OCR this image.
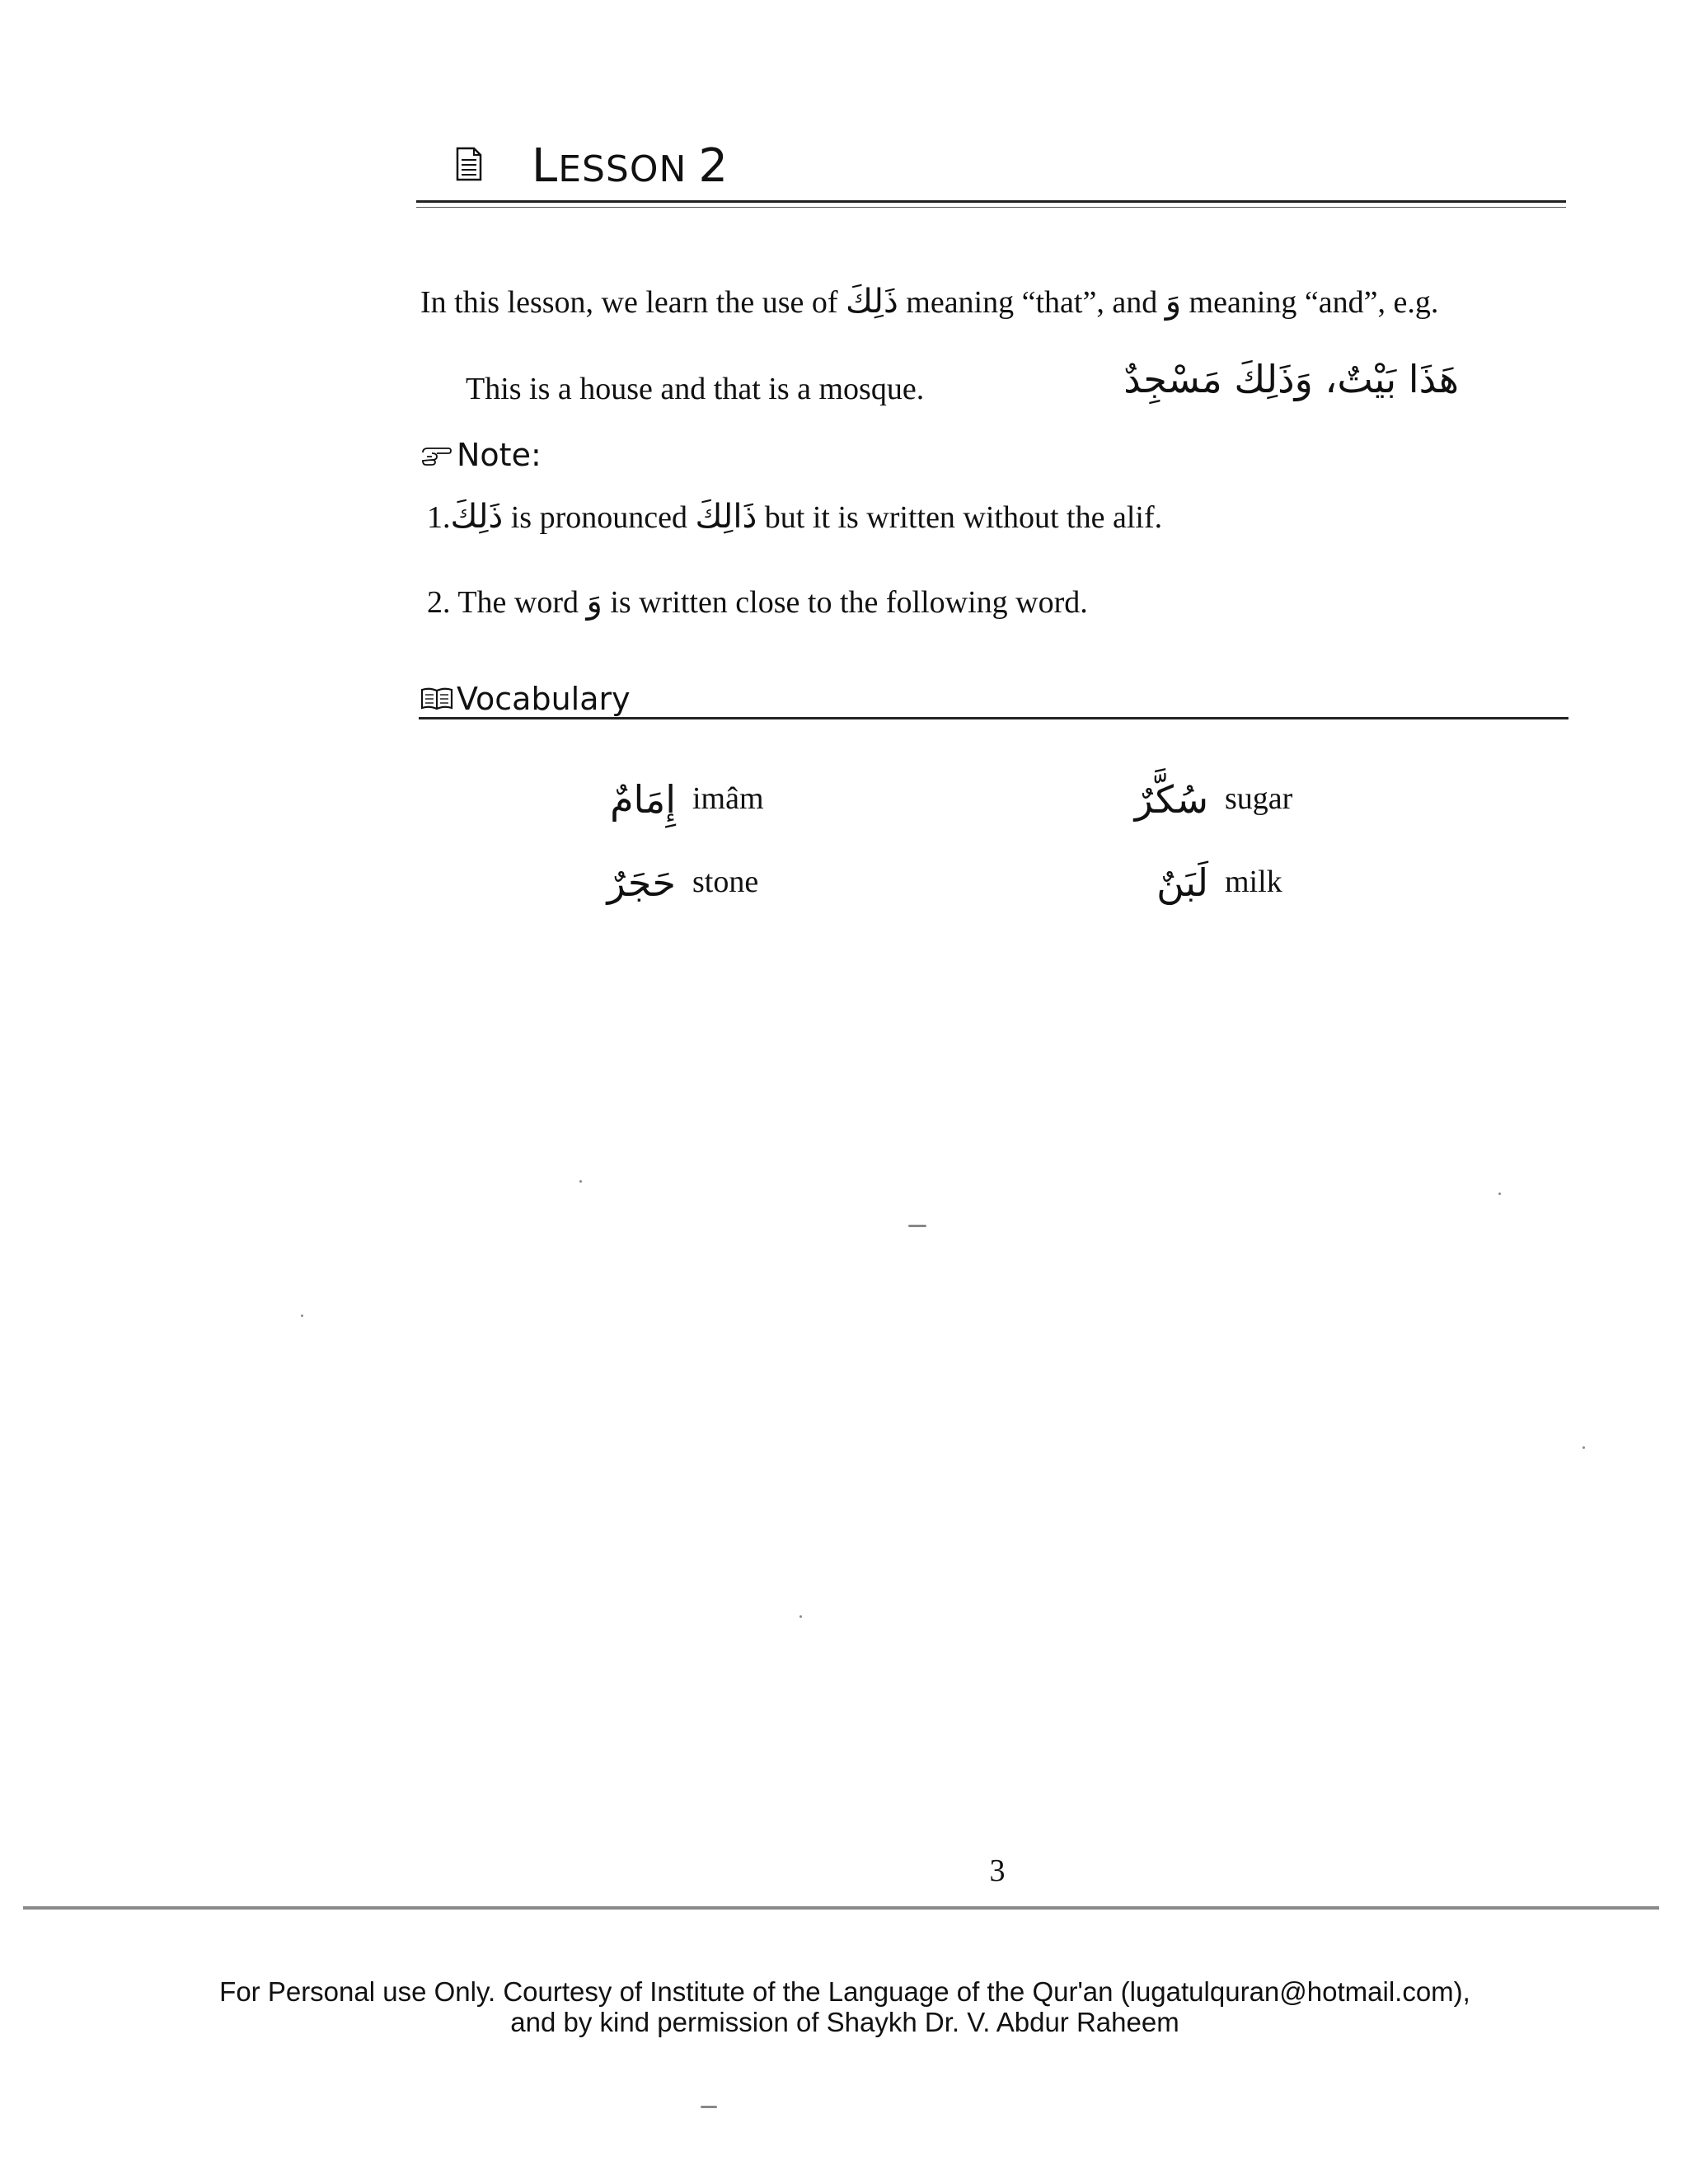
LESSON 2
In this lesson, we learn the use of ذَلِكَ meaning “that”, and وَ meaning “and”, e.g.
This is a house and that is a mosque.	هَذَا بَيْتٌ، وَذَلِكَ مَسْجِدٌ
Note:
1.ذَلِكَ is pronounced ذَالِكَ but it is written without the alif.
2. The word وَ is written close to the following word.
Vocabulary
إِمَامٌ imâm
حَجَرٌ stone
سُكَّرٌ sugar
لَبَنٌ milk
3
For Personal use Only. Courtesy of Institute of the Language of the Qur'an (lugatulquran@hotmail.com),
and by kind permission of Shaykh Dr. V. Abdur Raheem
